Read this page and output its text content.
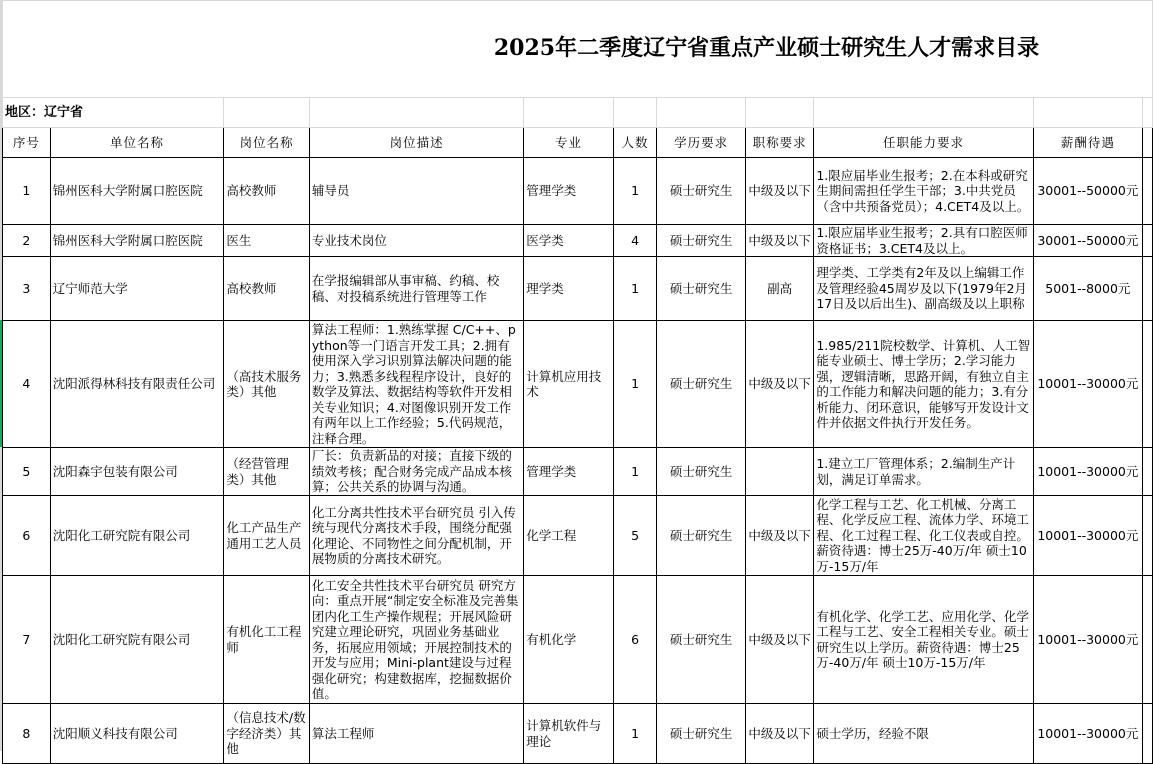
2025年二季度辽宁省重点产业硕士研究生人才需求目录										
地区：辽宁省										
序号	单位名称	岗位名称	岗位描述	专业	人数	学历要求	职称要求	任职能力要求	薪酬待遇	
1	锦州医科大学附属口腔医院	高校教师	辅导员	管理学类	1	硕士研究生	中级及以下	1.限应届毕业生报考；2.在本科或研究生期间需担任学生干部；3.中共党员（含中共预备党员）；4.CET4及以上。	30001--50000元	
2	锦州医科大学附属口腔医院	医生	专业技术岗位	医学类	4	硕士研究生	中级及以下	1.限应届毕业生报考；2.具有口腔医师资格证书；3.CET4及以上。	30001--50000元	
3	辽宁师范大学	高校教师	在学报编辑部从事审稿、约稿、校稿、对投稿系统进行管理等工作	理学类	1	硕士研究生	副高	理学类、工学类有2年及以上编辑工作及管理经验45周岁及以下(1979年2月17日及以后出生)、副高级及以上职称	5001--8000元	
4	沈阳派得林科技有限责任公司	（高技术服务类）其他	算法工程师：1.熟练掌握 C/C++、python等一门语言开发工具；2.拥有使用深入学习识别算法解决问题的能力；3.熟悉多线程程序设计，良好的数学及算法、数据结构等软件开发相关专业知识；4.对图像识别开发工作有两年以上工作经验；5.代码规范，注释合理。	计算机应用技术	1	硕士研究生	中级及以下	1.985/211院校数学、计算机、人工智能专业硕士、博士学历；2.学习能力强，逻辑清晰，思路开阔，有独立自主的工作能力和解决问题的能力；3.有分析能力、闭环意识，能够写开发设计文件并依据文件执行开发任务。	10001--30000元	
5	沈阳森宇包装有限公司	（经营管理类）其他	厂长：负责新品的对接；直接下级的绩效考核；配合财务完成产品成本核算；公共关系的协调与沟通。	管理学类	1	硕士研究生		1.建立工厂管理体系；2.编制生产计划，满足订单需求。	10001--30000元	
6	沈阳化工研究院有限公司	化工产品生产通用工艺人员	化工分离共性技术平台研究员 引入传统与现代分离技术手段，围绕分配强化理论、不同物性之间分配机制，开展物质的分离技术研究。	化学工程	5	硕士研究生	中级及以下	化学工程与工艺、化工机械、分离工程、化学反应工程、流体力学、环境工程、化工过程工程、化工仪表或自控。薪资待遇：博士25万-40万/年 硕士10万-15万/年	10001--30000元	
7	沈阳化工研究院有限公司	有机化工工程师	化工安全共性技术平台研究员 研究方向：重点开展“制定安全标准及完善集团内化工生产操作规程；开展风险研究建立理论研究，巩固业务基础业务，拓展应用领域；开展控制技术的开发与应用；Mini-plant建设与过程强化研究；构建数据库，挖掘数据价值。	有机化学	6	硕士研究生	中级及以下	有机化学、化学工艺、应用化学、化学工程与工艺、安全工程相关专业。硕士研究生以上学历。薪资待遇：博士25万-40万/年 硕士10万-15万/年	10001--30000元	
8	沈阳顺义科技有限公司	（信息技术/数字经济类）其他	算法工程师	计算机软件与理论	1	硕士研究生	中级及以下	硕士学历，经验不限	10001--30000元	
